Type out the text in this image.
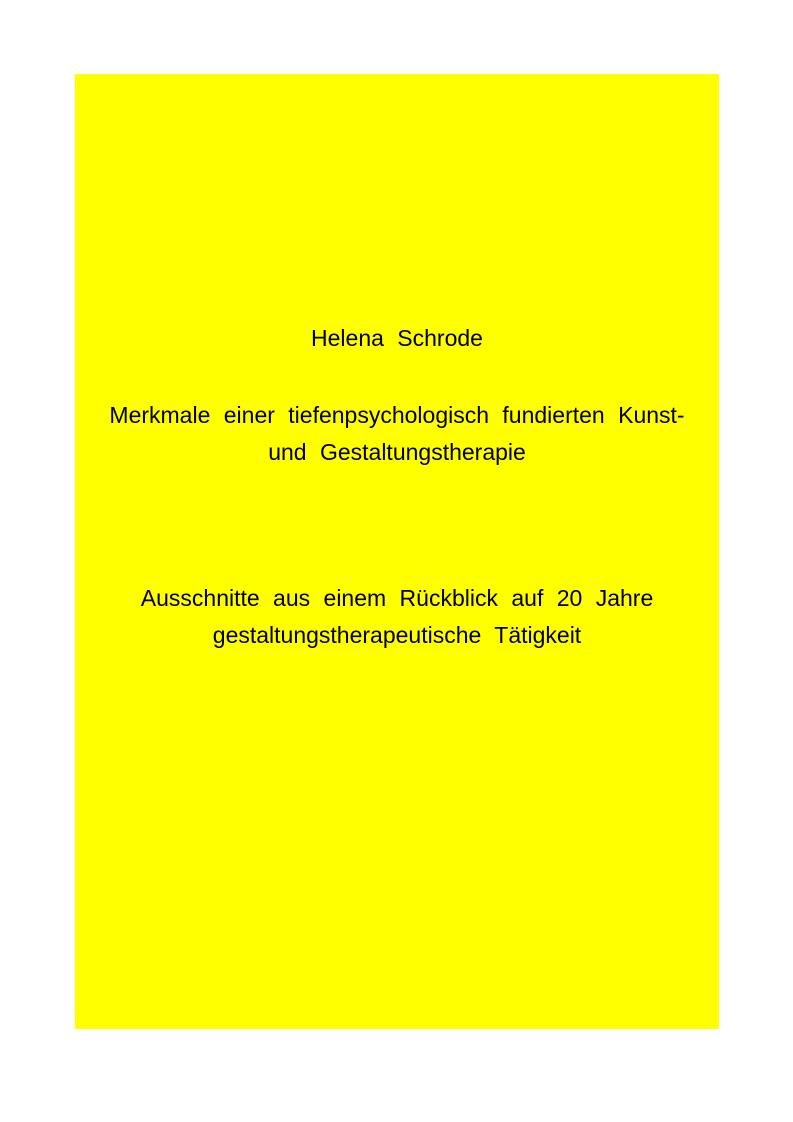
Helena Schrode
Merkmale einer tiefenpsychologisch fundierten Kunst- und Gestaltungstherapie
Ausschnitte aus einem Rückblick auf 20 Jahre gestaltungstherapeutische Tätigkeit
